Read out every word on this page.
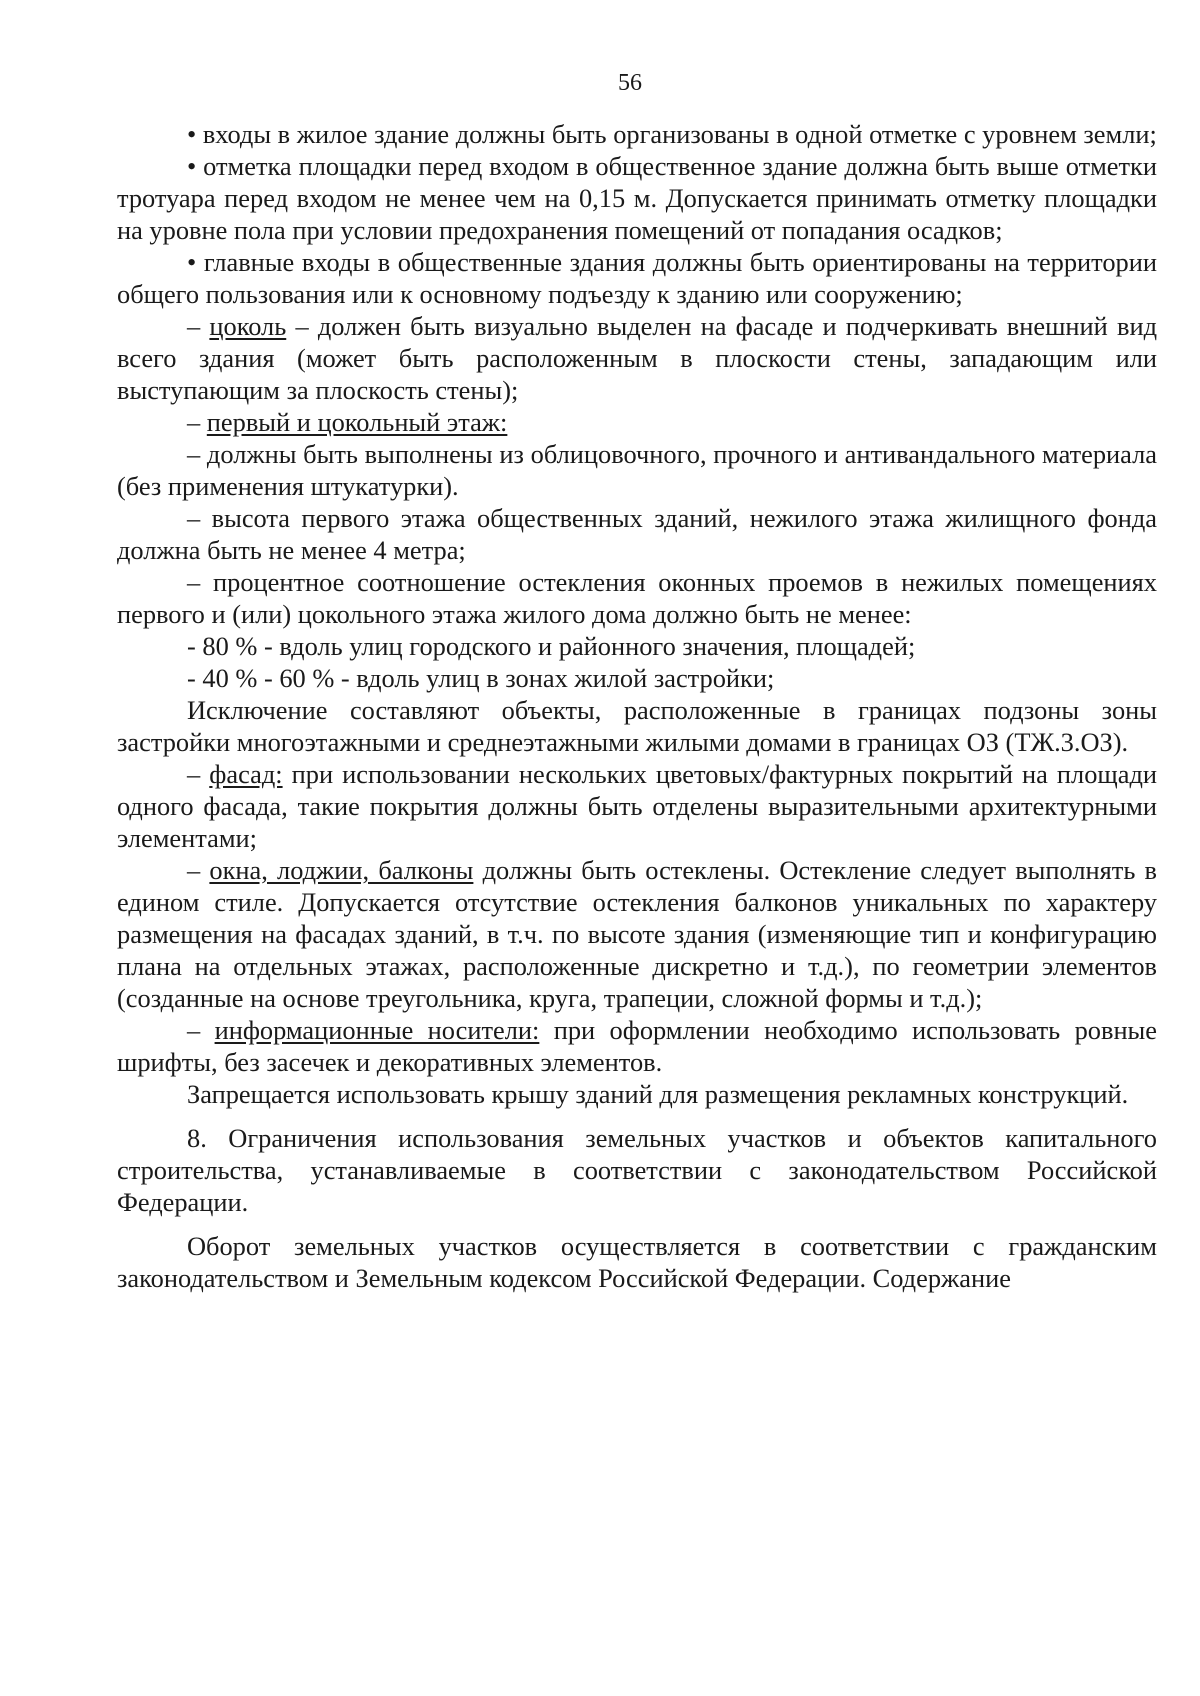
56

• входы в жилое здание должны быть организованы в одной отметке с уровнем земли;

• отметка площадки перед входом в общественное здание должна быть выше отметки тротуара перед входом не менее чем на 0,15 м. Допускается принимать отметку площадки на уровне пола при условии предохранения помещений от попадания осадков;

• главные входы в общественные здания должны быть ориентированы на территории общего пользования или к основному подъезду к зданию или сооружению;

– цоколь – должен быть визуально выделен на фасаде и подчеркивать внешний вид всего здания (может быть расположенным в плоскости стены, западающим или выступающим за плоскость стены);

– первый и цокольный этаж:

– должны быть выполнены из облицовочного, прочного и антивандального материала (без применения штукатурки).

– высота первого этажа общественных зданий, нежилого этажа жилищного фонда должна быть не менее 4 метра;

– процентное соотношение остекления оконных проемов в нежилых помещениях первого и (или) цокольного этажа жилого дома должно быть не менее:

- 80 % - вдоль улиц городского и районного значения, площадей;

- 40 % - 60 % - вдоль улиц в зонах жилой застройки;

Исключение составляют объекты, расположенные в границах подзоны зоны застройки многоэтажными и среднеэтажными жилыми домами в границах ОЗ (ТЖ.3.ОЗ).

– фасад: при использовании нескольких цветовых/фактурных покрытий на площади одного фасада, такие покрытия должны быть отделены выразительными архитектурными элементами;

– окна, лоджии, балконы должны быть остеклены. Остекление следует выполнять в едином стиле. Допускается отсутствие остекления балконов уникальных по характеру размещения на фасадах зданий, в т.ч. по высоте здания (изменяющие тип и конфигурацию плана на отдельных этажах, расположенные дискретно и т.д.), по геометрии элементов (созданные на основе треугольника, круга, трапеции, сложной формы и т.д.);

– информационные носители: при оформлении необходимо использовать ровные шрифты, без засечек и декоративных элементов.

Запрещается использовать крышу зданий для размещения рекламных конструкций.

8. Ограничения использования земельных участков и объектов капитального строительства, устанавливаемые в соответствии с законодательством Российской Федерации.

Оборот земельных участков осуществляется в соответствии с гражданским законодательством и Земельным кодексом Российской Федерации. Содержание
